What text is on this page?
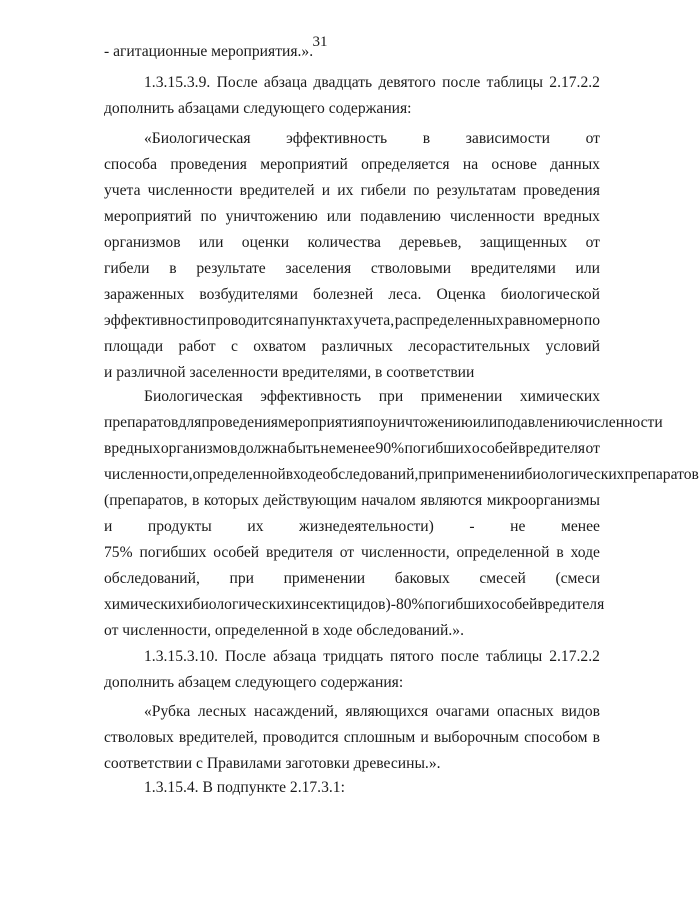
31
- агитационные мероприятия.».
1.3.15.3.9. После абзаца двадцать девятого после таблицы 2.17.2.2
дополнить абзацами следующего содержания:
«Биологическая эффективность в зависимости от
способа проведения мероприятий определяется на основе данных
учета численности вредителей и их гибели по результатам проведения
мероприятий по уничтожению или подавлению численности вредных
организмов или оценки количества деревьев, защищенных от
гибели в результате заселения стволовыми вредителями или
зараженных возбудителями болезней леса. Оценка биологической
эффективности проводится на пунктах учета, распределенных равномерно по
площади работ с охватом различных лесорастительных условий
и различной заселенности вредителями, в соответствии
Биологическая эффективность при применении химических
препаратов для проведения мероприятия по уничтожению или подавлению численности
вредных организмов должна быть не менее 90% погибших особей вредителя от
численности, определенной в ходе обследований, при применении биологических препаратов
(препаратов, в которых действующим началом являются микроорганизмы
и продукты их жизнедеятельности) - не менее
75% погибших особей вредителя от численности, определенной в ходе
обследований, при применении баковых смесей (смеси
химических и биологических инсектицидов) - 80% погибших особей вредителя
от численности, определенной в ходе обследований.».
1.3.15.3.10. После абзаца тридцать пятого после таблицы 2.17.2.2
дополнить абзацем следующего содержания:
«Рубка лесных насаждений, являющихся очагами опасных видов
стволовых вредителей, проводится сплошным и выборочным способом в
соответствии с Правилами заготовки древесины.».
1.3.15.4. В подпункте 2.17.3.1:
